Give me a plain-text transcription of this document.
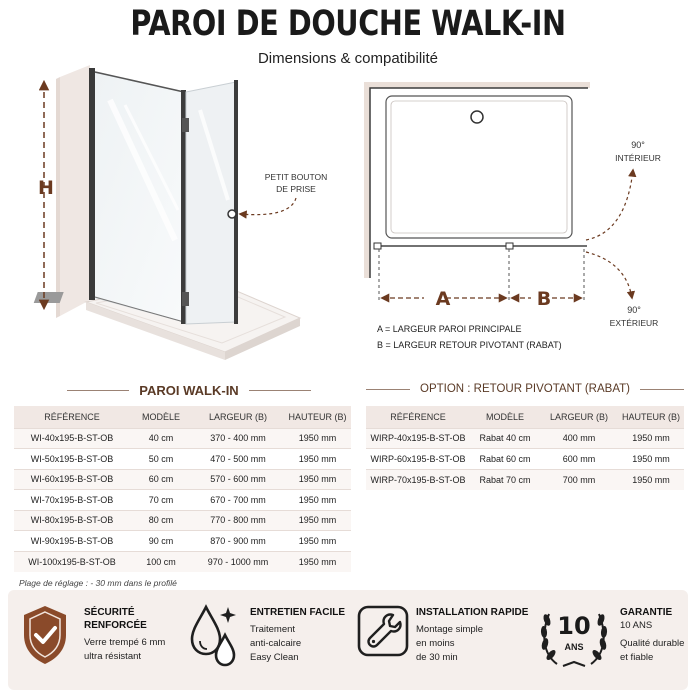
PAROI DE DOUCHE WALK-IN
Dimensions & compatibilité
H	PETIT BOUTON
DE PRISE
A	B
90°
INTÉRIEUR
90°
EXTÉRIEUR
A = LARGEUR PAROI PRINCIPALE
B = LARGEUR RETOUR PIVOTANT (RABAT)
PAROI WALK-IN
RÉFÉRENCE	MODÈLE	LARGEUR (B)	HAUTEUR (B)
WI-40x195-B-ST-OB	40 cm	370 - 400 mm	1950 mm
WI-50x195-B-ST-OB	50 cm	470 - 500 mm	1950 mm
WI-60x195-B-ST-OB	60 cm	570 - 600 mm	1950 mm
WI-70x195-B-ST-OB	70 cm	670 - 700 mm	1950 mm
WI-80x195-B-ST-OB	80 cm	770 - 800 mm	1950 mm
WI-90x195-B-ST-OB	90 cm	870 - 900 mm	1950 mm
WI-100x195-B-ST-OB	100 cm	970 - 1000 mm	1950 mm
Plage de réglage : - 30 mm dans le profilé
OPTION : RETOUR PIVOTANT (RABAT)
RÉFÉRENCE	MODÈLE	LARGEUR (B)	HAUTEUR (B)
WIRP-40x195-B-ST-OB	Rabat 40 cm	400 mm	1950 mm
WIRP-60x195-B-ST-OB	Rabat 60 cm	600 mm	1950 mm
WIRP-70x195-B-ST-OB	Rabat 70 cm	700 mm	1950 mm
SÉCURITÉ
RENFORCÉE
Verre trempé 6 mm
ultra résistant
ENTRETIEN FACILE
Traitement
anti-calcaire
Easy Clean
INSTALLATION RAPIDE
Montage simple
en moins
de 30 min
10
ANS
GARANTIE
10 ANS
Qualité durable
et fiable
